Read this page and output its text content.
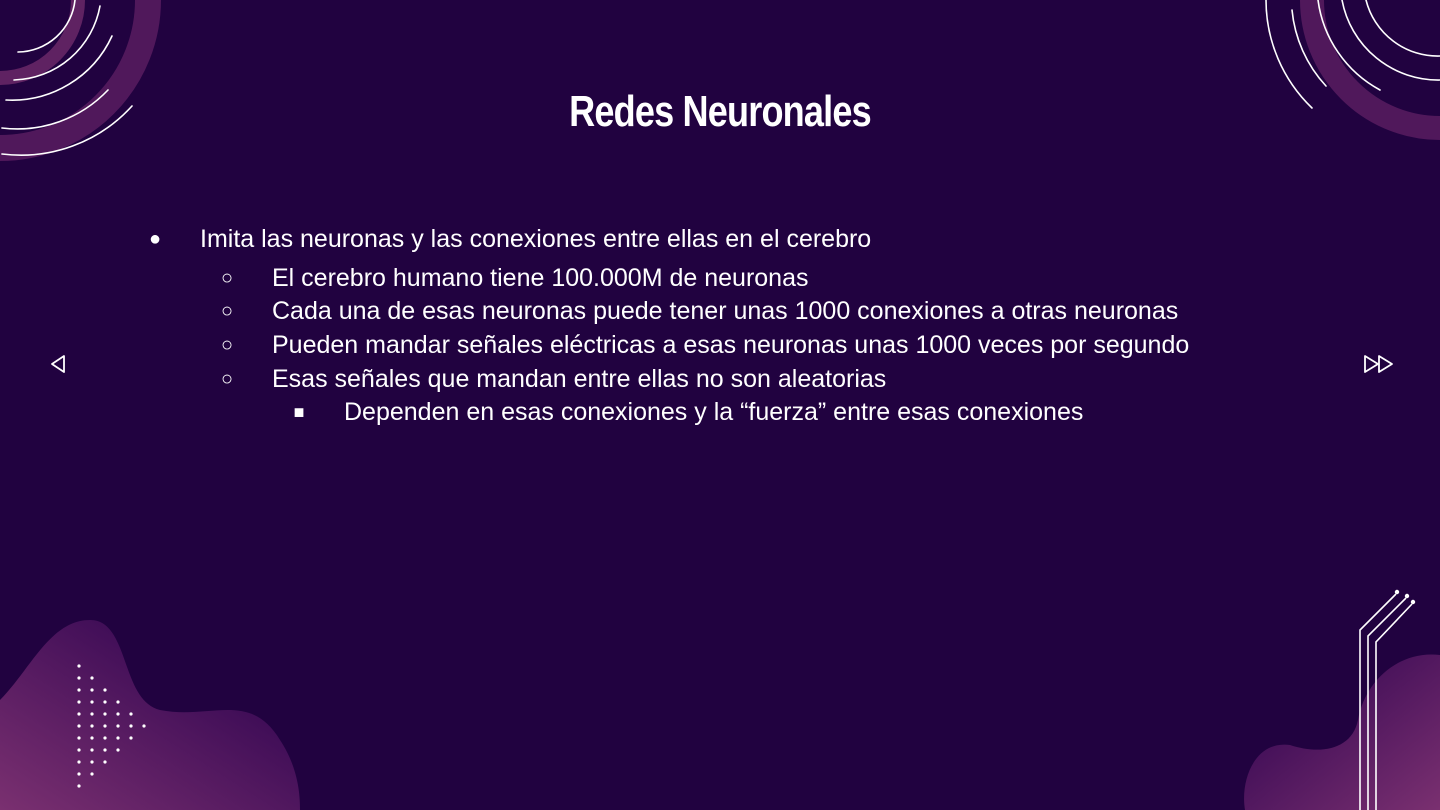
Redes Neuronales
● Imita las neuronas y las conexiones entre ellas en el cerebro
○ El cerebro humano tiene 100.000M de neuronas
○ Cada una de esas neuronas puede tener unas 1000 conexiones a otras neuronas
○ Pueden mandar señales eléctricas a esas neuronas unas 1000 veces por segundo
○ Esas señales que mandan entre ellas no son aleatorias
■ Dependen en esas conexiones y la “fuerza” entre esas conexiones
